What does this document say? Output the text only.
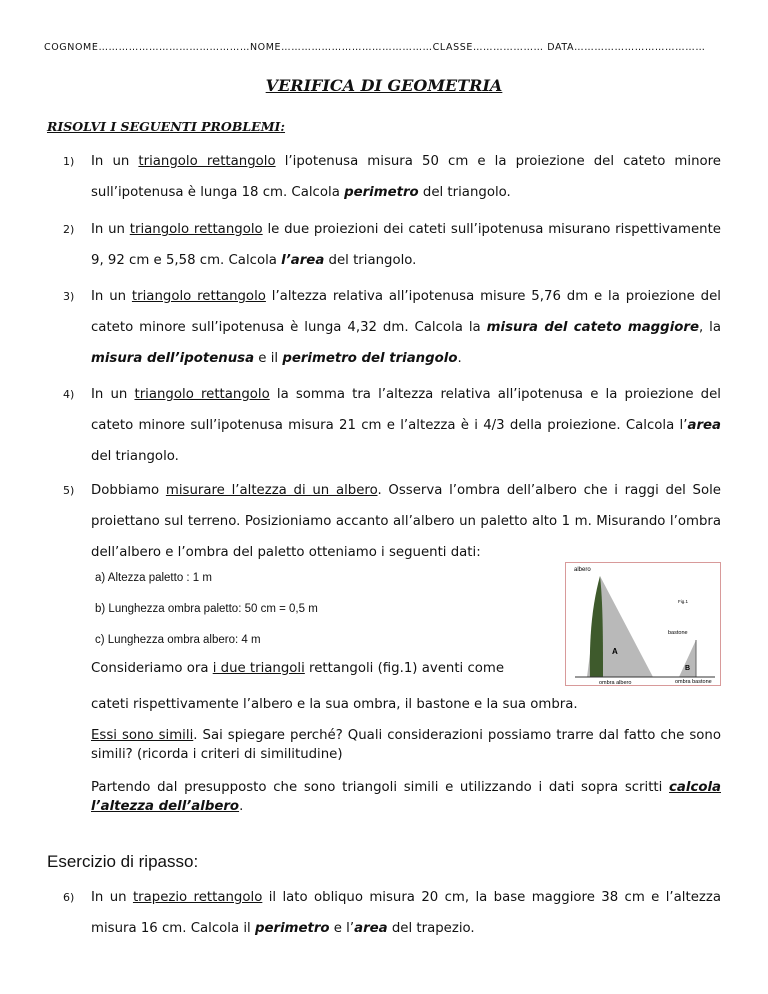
COGNOME………………………………………NOME………………………………………CLASSE………………… DATA…………………………………
VERIFICA DI GEOMETRIA
RISOLVI I SEGUENTI PROBLEMI:
1) In un triangolo rettangolo l’ipotenusa misura 50 cm e la proiezione del cateto minore sull’ipotenusa è lunga 18 cm. Calcola perimetro del triangolo.
2) In un triangolo rettangolo le due proiezioni dei cateti sull’ipotenusa misurano rispettivamente 9, 92 cm e 5,58 cm. Calcola l’area del triangolo.
3) In un triangolo rettangolo l’altezza relativa all’ipotenusa misure 5,76 dm e la proiezione del cateto minore sull’ipotenusa è lunga 4,32 dm. Calcola la misura del cateto maggiore, la misura dell’ipotenusa e il perimetro del triangolo.
4) In un triangolo rettangolo la somma tra l’altezza relativa all’ipotenusa e la proiezione del cateto minore sull’ipotenusa misura 21 cm e l’altezza è i 4/3 della proiezione. Calcola l’area del triangolo.
5) Dobbiamo misurare l’altezza di un albero. Osserva l’ombra dell’albero che i raggi del Sole proiettano sul terreno. Posizioniamo accanto all’albero un paletto alto 1 m. Misurando l’ombra dell’albero e l’ombra del paletto otteniamo i seguenti dati:
a) Altezza paletto : 1 m
b) Lunghezza ombra paletto: 50 cm = 0,5 m
c) Lunghezza ombra albero: 4 m
Consideriamo ora i due triangoli rettangoli (fig.1) aventi come
cateti rispettivamente l’albero e la sua ombra, il bastone e la sua ombra.
Essi sono simili. Sai spiegare perché? Quali considerazioni possiamo trarre dal fatto che sono simili? (ricorda i criteri di similitudine)
Partendo dal presupposto che sono triangoli simili e utilizzando i dati sopra scritti calcola l’altezza dell’albero.
albero
Fig.1
bastone
A
B
ombra albero	ombra bastone
Esercizio di ripasso:
6) In un trapezio rettangolo il lato obliquo misura 20 cm, la base maggiore 38 cm e l’altezza misura 16 cm. Calcola il perimetro e l’area del trapezio.
